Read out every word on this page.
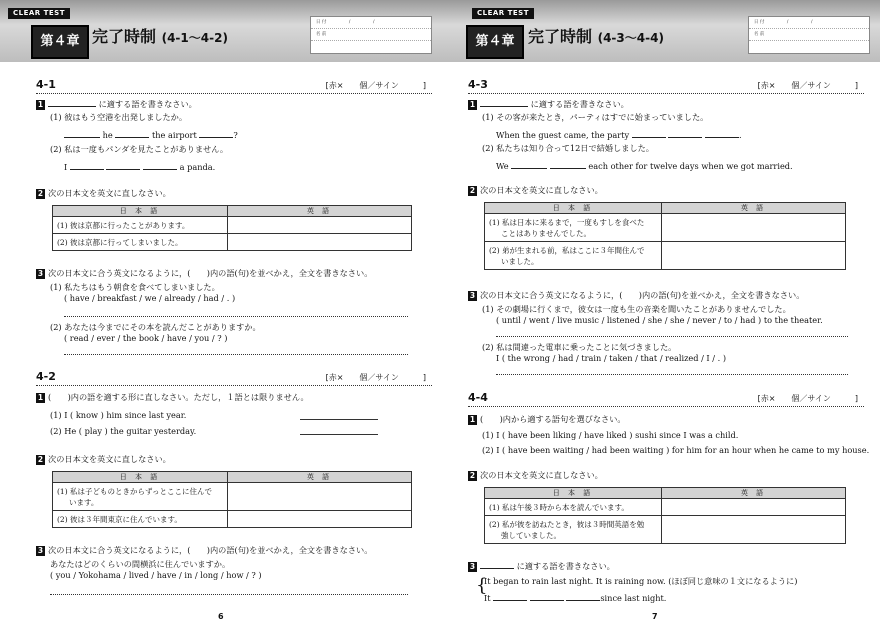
CLEAR TEST
第４章 完了時制 (4-1〜4-2)
日 付　　　　　/　　　　　/
名 前
4-1	[赤×　　個／サイン　　　]
1	に適する語を書きなさい。
(1) 彼はもう空港を出発しましたか。
he	the airport	?
(2) 私は一度もパンダを見たことがありません。
I	a panda.
2 次の日本文を英文に直しなさい。
日 本 語	英 語
(1) 彼は京都に行ったことがあります。	
(2) 彼は京都に行ってしまいました。	
3 次の日本文に合う英文になるように，(　　)内の語(句)を並べかえ，全文を書きなさい。
(1) 私たちはもう朝食を食べてしまいました。
( have / breakfast / we / already / had / . )
(2) あなたは今までにその本を読んだことがありますか。
( read / ever / the book / have / you / ? )
4-2	[赤×　　個／サイン　　　]
1 (　　)内の語を適する形に直しなさい。ただし，１語とは限りません。
(1) I ( know ) him since last year.
(2) He ( play ) the guitar yesterday.
2 次の日本文を英文に直しなさい。
日 本 語	英 語
(1) 私は子どものときからずっとここに住んで
います。	
(2) 彼は３年間東京に住んでいます。	
3 次の日本文に合う英文になるように，(　　)内の語(句)を並べかえ，全文を書きなさい。
あなたはどのくらいの間横浜に住んでいますか。
( you / Yokohama / lived / have / in / long / how / ? )
6
CLEAR TEST
第４章 完了時制 (4-3〜4-4)
日 付　　　　　/　　　　　/
名 前
4-3	[赤×　　個／サイン　　　]
1	に適する語を書きなさい。
(1) その客が来たとき，パーティはすでに始まっていました。
When the guest came, the party	.
(2) 私たちは知り合って12日で結婚しました。
We	each other for twelve days when we got married.
2 次の日本文を英文に直しなさい。
日 本 語	英 語
(1) 私は日本に来るまで，一度もすしを食べた
ことはありませんでした。	
(2) 弟が生まれる前，私はここに３年間住んで
いました。	
3 次の日本文に合う英文になるように，(　　)内の語(句)を並べかえ，全文を書きなさい。
(1) その劇場に行くまで，彼女は一度も生の音楽を聞いたことがありませんでした。
( until / went / live music / listened / she / she / never / to / had ) to the theater.
(2) 私は間違った電車に乗ったことに気づきました。
I ( the wrong / had / train / taken / that / realized / I / . )
4-4	[赤×　　個／サイン　　　]
1 (　　)内から適する語句を選びなさい。
(1) I ( have been liking / have liked ) sushi since I was a child.
(2) I ( have been waiting / had been waiting ) for him for an hour when he came to my house.
2 次の日本文を英文に直しなさい。
日 本 語	英 語
(1) 私は午後３時から本を読んでいます。	
(2) 私が彼を訪ねたとき，彼は３時間英語を勉
強していました。	
3	に適する語を書きなさい。
{
It began to rain last night. It is raining now. (ほぼ同じ意味の１文になるように)
It	since last night.
7
